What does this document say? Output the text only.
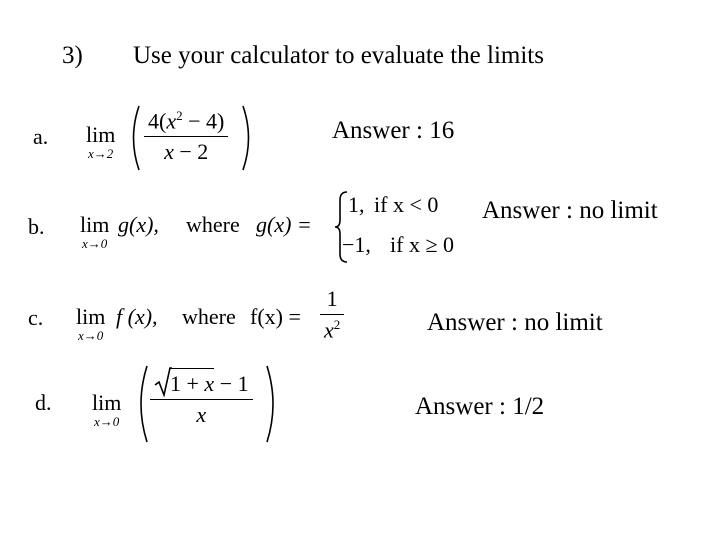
3) Use your calculator to evaluate the limits
a. lim
$x\to 2 \frac{4(x^2 - 4)}{x - 2}$	Answer : 16
b. lim
x→0
g(x), where g(x) =
1, if x < 0
−1, if x ≥ 0
Answer : no limit
c. lim
x→0
f (x), where $f(x) = \frac{1}{x^2}$	Answer : no limit
d. lim
$x\to 0 \frac{1 + x - 1}{x}$	Answer : 1/2
